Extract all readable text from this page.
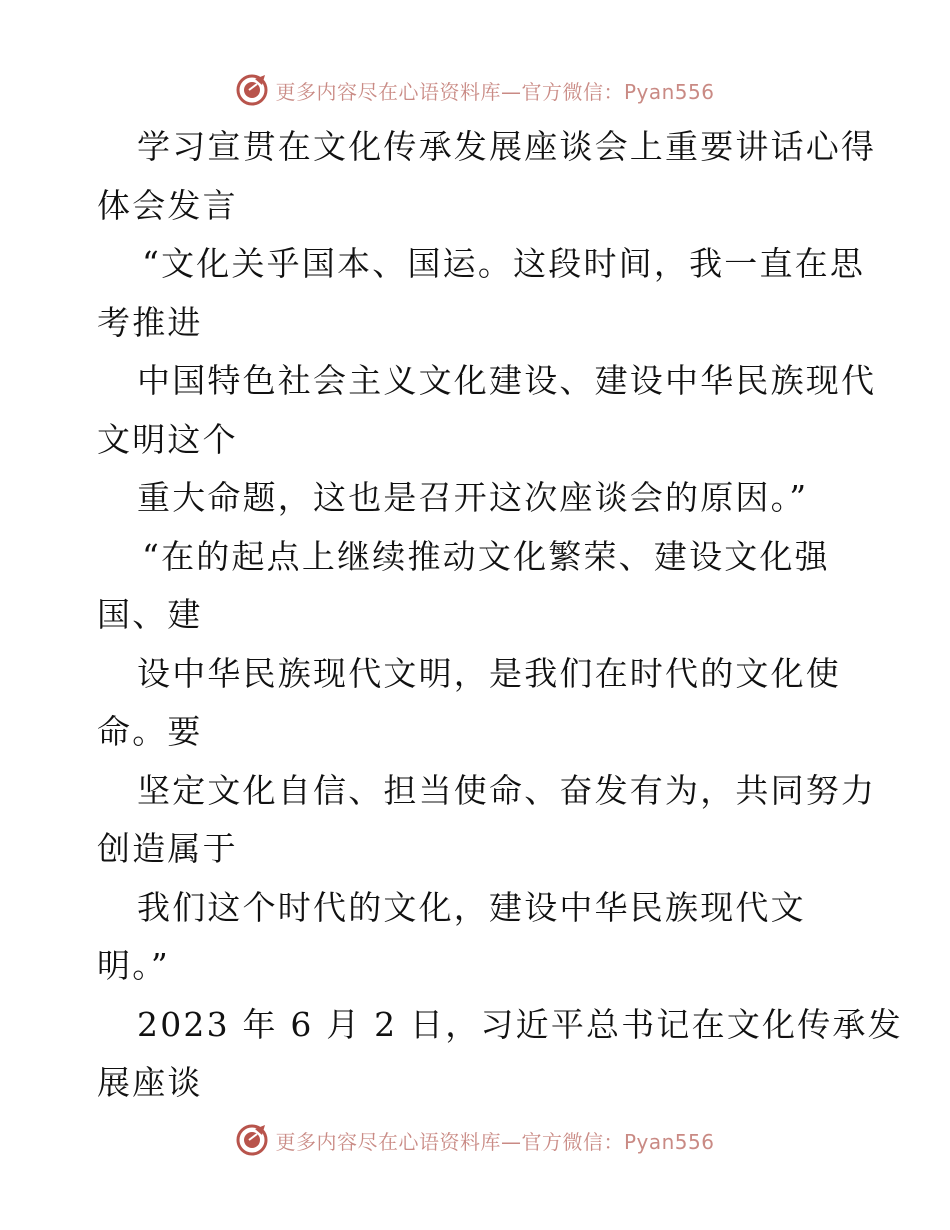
更多内容尽在心语资料库—官方微信：Pyan556
学习宣贯在文化传承发展座谈会上重要讲话心得
体会发言
“文化关乎国本、国运。这段时间，我一直在思
考推进
中国特色社会主义文化建设、建设中华民族现代
文明这个
重大命题，这也是召开这次座谈会的原因。”
“在的起点上继续推动文化繁荣、建设文化强
国、建
设中华民族现代文明，是我们在时代的文化使
命。要
坚定文化自信、担当使命、奋发有为，共同努力
创造属于
我们这个时代的文化，建设中华民族现代文
明。”
2023 年 6 月 2 日，习近平总书记在文化传承发
展座谈
更多内容尽在心语资料库—官方微信：Pyan556
